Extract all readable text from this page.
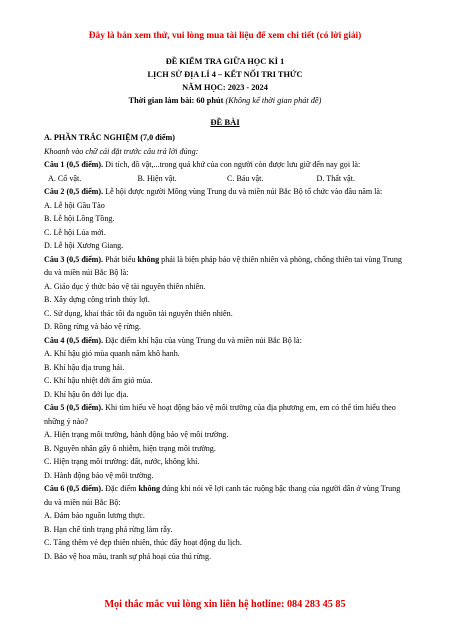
Đây là bản xem thử, vui lòng mua tài liệu để xem chi tiết (có lời giải)
ĐỀ KIỂM TRA GIỮA HỌC KÌ 1
LỊCH SỬ ĐỊA LÍ 4 – KẾT NỐI TRI THỨC
NĂM HỌC: 2023 - 2024
Thời gian làm bài: 60 phút (Không kể thời gian phát đề)
ĐỀ BÀI
A. PHẦN TRẮC NGHIỆM (7,0 điểm)
Khoanh vào chữ cái đặt trước câu trả lời đúng:
Câu 1 (0,5 điểm). Di tích, đồ vật,...trong quá khứ của con người còn được lưu giữ đến nay gọi là:
A. Cổ vật.	B. Hiện vật.	C. Báu vật.	D. Thất vật.
Câu 2 (0,5 điểm). Lễ hội được người Mông vùng Trung du và miền núi Bắc Bộ tổ chức vào đầu năm là:
A. Lễ hội Gầu Tào
B. Lễ hội Lồng Tồng.
C. Lễ hội Lúa mới.
D. Lễ hội Xương Giang.
Câu 3 (0,5 điểm). Phát biểu không phải là biện pháp bảo vệ thiên nhiên và phòng, chống thiên tai vùng Trung du và miền núi Bắc Bộ là:
A. Giáo dục ý thức bảo vệ tài nguyên thiên nhiên.
B. Xây dựng công trình thủy lợi.
C. Sử dụng, khai thác tối đa nguồn tài nguyên thiên nhiên.
D. Rồng rừng và bảo vệ rừng.
Câu 4 (0,5 điểm). Đặc điểm khí hậu của vùng Trung du và miền núi Bắc Bộ là:
A. Khí hậu gió mùa quanh năm khô hanh.
B. Khí hậu địa trung hải.
C. Khí hậu nhiệt đới ẩm gió mùa.
D. Khí hậu ôn đới lục địa.
Câu 5 (0,5 điểm). Khi tìm hiểu về hoạt động bảo vệ môi trường của địa phương em, em có thể tìm hiểu theo những ý nào?
A. Hiện trạng môi trường, hành động bảo vệ môi trường.
B. Nguyên nhân gây ô nhiễm, hiện trạng môi trường.
C. Hiện trạng môi trường: đất, nước, không khí.
D. Hành động bảo vệ môi trường.
Câu 6 (0,5 điểm). Đặc điểm không đúng khi nói về lợi canh tác ruộng bậc thang của người dân ở vùng Trung du và miền núi Bắc Bộ:
A. Đảm bảo nguồn lương thực.
B. Hạn chế tình trạng phá rừng làm rẫy.
C. Tăng thêm vẻ đẹp thiên nhiên, thúc đẩy hoạt động du lịch.
D. Bảo vệ hoa màu, tranh sự phá hoại của thú rừng.
Mọi thắc mắc vui lòng xin liên hệ hotline: 084 283 45 85
